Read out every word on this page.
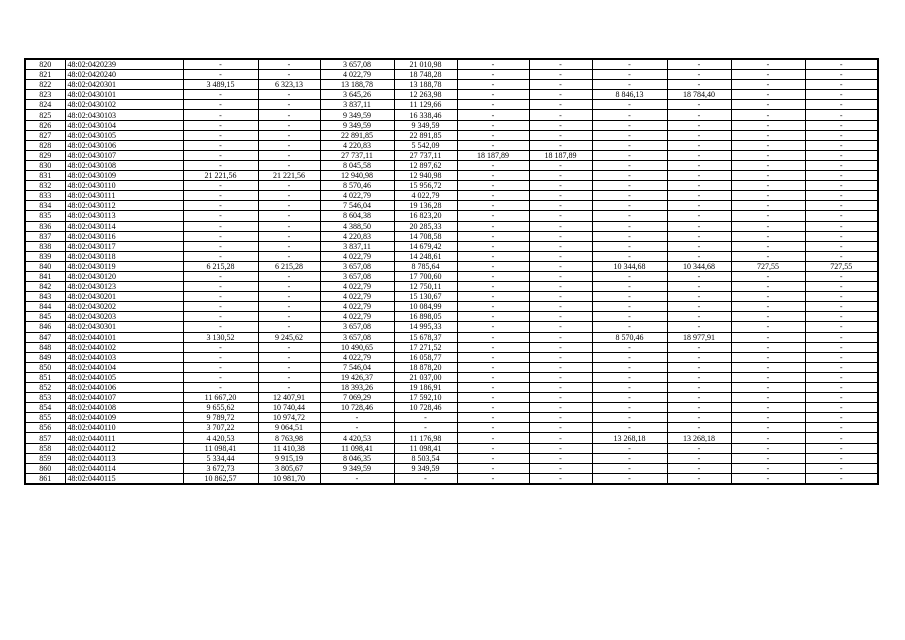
820	48:02:0420239	-	-	3 657,08	21 010,98	-	-	-	-	-	-
821	48:02:0420240	-	-	4 022,79	18 748,28	-	-	-	-	-	-
822	48:02:0420301	3 489,15	6 323,13	13 188,78	13 188,78	-	-	-	-	-	-
823	48:02:0430101	-	-	3 645,26	12 263,98	-	-	8 846,13	18 784,40	-	-
824	48:02:0430102	-	-	3 837,11	11 129,66	-	-	-	-	-	-
825	48:02:0430103	-	-	9 349,59	16 338,46	-	-	-	-	-	-
826	48:02:0430104	-	-	9 349,59	9 349,59	-	-	-	-	-	-
827	48:02:0430105	-	-	22 891,85	22 891,85	-	-	-	-	-	-
828	48:02:0430106	-	-	4 220,83	5 542,09	-	-	-	-	-	-
829	48:02:0430107	-	-	27 737,11	27 737,11	18 187,89	18 187,89	-	-	-	-
830	48:02:0430108	-	-	8 045,58	12 897,62	-	-	-	-	-	-
831	48:02:0430109	21 221,56	21 221,56	12 940,98	12 940,98	-	-	-	-	-	-
832	48:02:0430110	-	-	8 570,46	15 956,72	-	-	-	-	-	-
833	48:02:0430111	-	-	4 022,79	4 022,79	-	-	-	-	-	-
834	48:02:0430112	-	-	7 546,04	19 136,28	-	-	-	-	-	-
835	48:02:0430113	-	-	8 604,38	16 823,20	-	-	-	-	-	-
836	48:02:0430114	-	-	4 388,50	20 285,33	-	-	-	-	-	-
837	48:02:0430116	-	-	4 220,83	14 708,58	-	-	-	-	-	-
838	48:02:0430117	-	-	3 837,11	14 679,42	-	-	-	-	-	-
839	48:02:0430118	-	-	4 022,79	14 248,61	-	-	-	-	-	-
840	48:02:0430119	6 215,28	6 215,28	3 657,08	8 785,64	-	-	10 344,68	10 344,68	727,55	727,55
841	48:02:0430120	-	-	3 657,08	17 700,60	-	-	-	-	-	-
842	48:02:0430123	-	-	4 022,79	12 750,11	-	-	-	-	-	-
843	48:02:0430201	-	-	4 022,79	15 130,67	-	-	-	-	-	-
844	48:02:0430202	-	-	4 022,79	10 084,99	-	-	-	-	-	-
845	48:02:0430203	-	-	4 022,79	16 898,05	-	-	-	-	-	-
846	48:02:0430301	-	-	3 657,08	14 995,33	-	-	-	-	-	-
847	48:02:0440101	3 130,52	9 245,62	3 657,08	15 678,37	-	-	8 570,46	18 977,91	-	-
848	48:02:0440102	-	-	10 490,65	17 271,52	-	-	-	-	-	-
849	48:02:0440103	-	-	4 022,79	16 058,77	-	-	-	-	-	-
850	48:02:0440104	-	-	7 546,04	18 878,20	-	-	-	-	-	-
851	48:02:0440105	-	-	19 426,37	21 037,00	-	-	-	-	-	-
852	48:02:0440106	-	-	18 393,26	19 186,91	-	-	-	-	-	-
853	48:02:0440107	11 667,20	12 407,91	7 069,29	17 592,10	-	-	-	-	-	-
854	48:02:0440108	9 655,62	10 740,44	10 728,46	10 728,46	-	-	-	-	-	-
855	48:02:0440109	9 789,72	10 974,72	-	-	-	-	-	-	-	-
856	48:02:0440110	3 707,22	9 064,51	-	-	-	-	-	-	-	-
857	48:02:0440111	4 420,53	8 763,98	4 420,53	11 176,98	-	-	13 268,18	13 268,18	-	-
858	48:02:0440112	11 098,41	11 410,38	11 098,41	11 098,41	-	-	-	-	-	-
859	48:02:0440113	5 334,44	9 915,19	8 046,35	8 503,54	-	-	-	-	-	-
860	48:02:0440114	3 672,73	3 805,67	9 349,59	9 349,59	-	-	-	-	-	-
861	48:02:0440115	10 862,57	10 981,70	-	-	-	-	-	-	-	-
